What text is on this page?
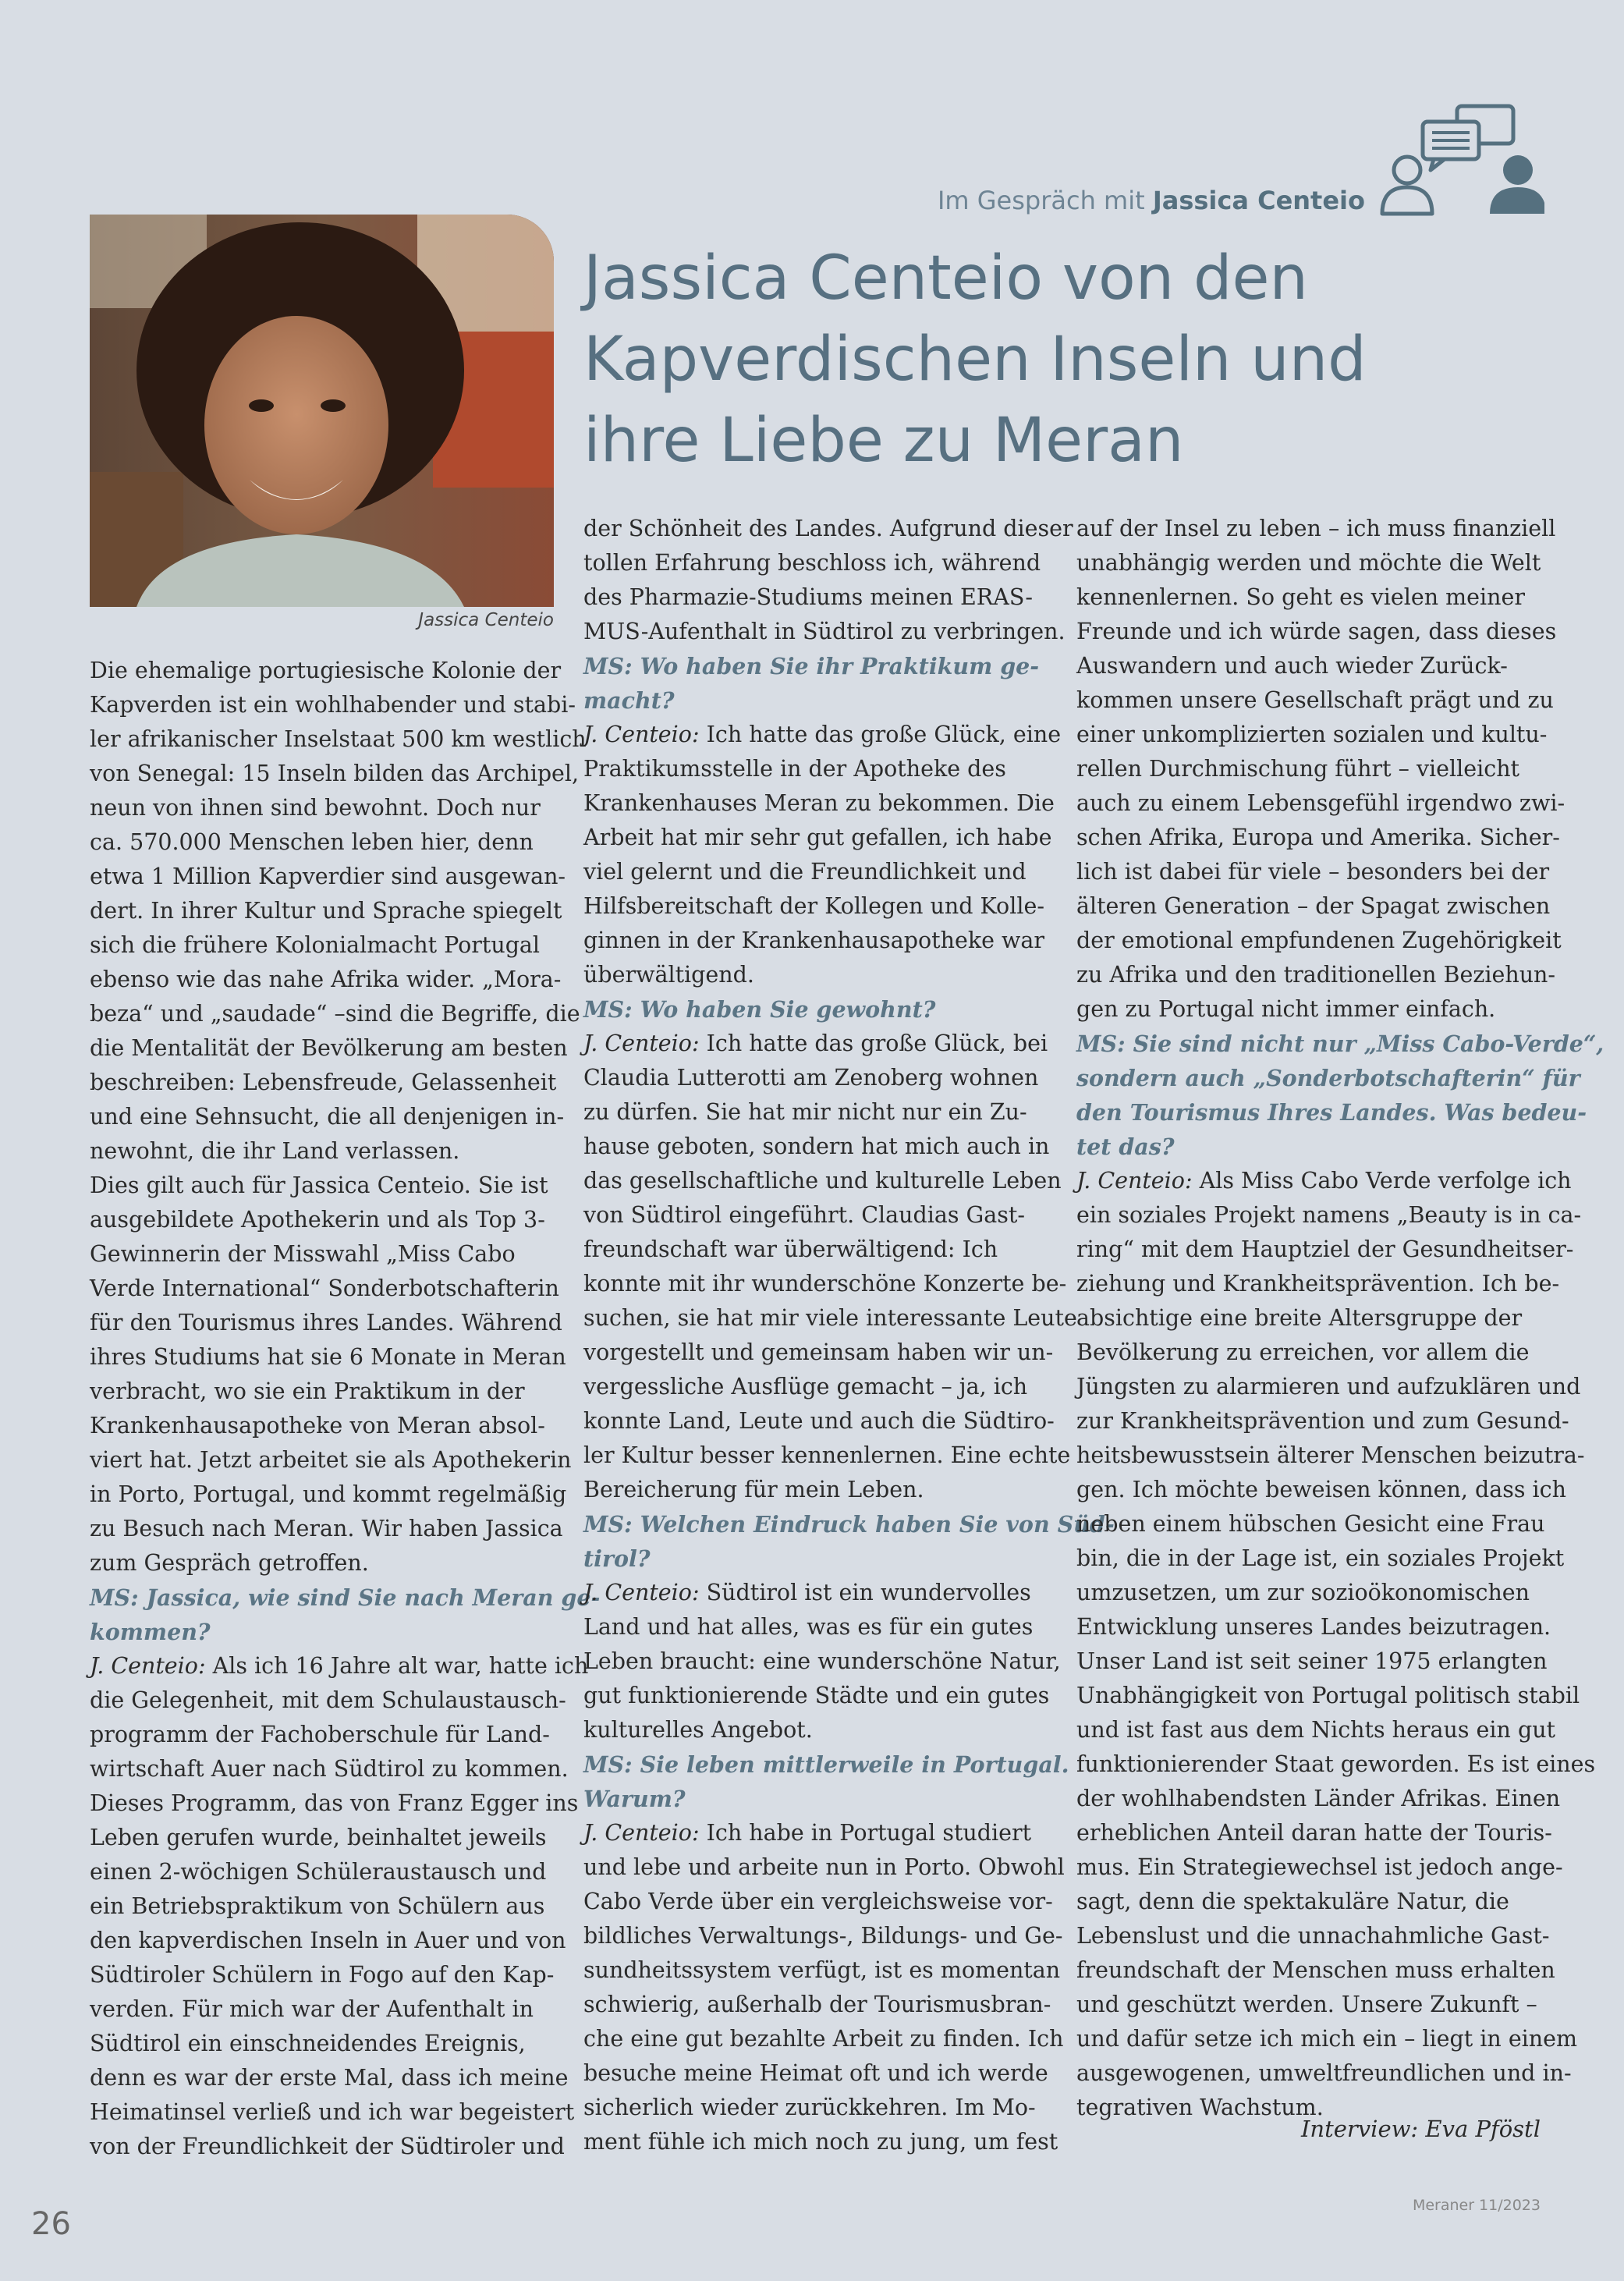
Im Gespräch mit Jassica Centeio
Jassica Centeio von den
Kapverdischen Inseln und
ihre Liebe zu Meran
Jassica Centeio
Die ehemalige portugiesische Kolonie der
Kapverden ist ein wohlhabender und stabi-
ler afrikanischer Inselstaat 500 km westlich
von Senegal: 15 Inseln bilden das Archipel,
neun von ihnen sind bewohnt. Doch nur
ca. 570.000 Menschen leben hier, denn
etwa 1 Million Kapverdier sind ausgewan-
dert. In ihrer Kultur und Sprache spiegelt
sich die frühere Kolonialmacht Portugal
ebenso wie das nahe Afrika wider. „Mora-
beza“ und „saudade“ –sind die Begriffe, die
die Mentalität der Bevölkerung am besten
beschreiben: Lebensfreude, Gelassenheit
und eine Sehnsucht, die all denjenigen in-
newohnt, die ihr Land verlassen.
Dies gilt auch für Jassica Centeio. Sie ist
ausgebildete Apothekerin und als Top 3-
Gewinnerin der Misswahl „Miss Cabo
Verde International“ Sonderbotschafterin
für den Tourismus ihres Landes. Während
ihres Studiums hat sie 6 Monate in Meran
verbracht, wo sie ein Praktikum in der
Krankenhausapotheke von Meran absol-
viert hat. Jetzt arbeitet sie als Apothekerin
in Porto, Portugal, und kommt regelmäßig
zu Besuch nach Meran. Wir haben Jassica
zum Gespräch getroffen.
MS: Jassica, wie sind Sie nach Meran ge-
kommen?
J. Centeio: Als ich 16 Jahre alt war, hatte ich
die Gelegenheit, mit dem Schulaustausch-
programm der Fachoberschule für Land-
wirtschaft Auer nach Südtirol zu kommen.
Dieses Programm, das von Franz Egger ins
Leben gerufen wurde, beinhaltet jeweils
einen 2-wöchigen Schüleraustausch und
ein Betriebspraktikum von Schülern aus
den kapverdischen Inseln in Auer und von
Südtiroler Schülern in Fogo auf den Kap-
verden. Für mich war der Aufenthalt in
Südtirol ein einschneidendes Ereignis,
denn es war der erste Mal, dass ich meine
Heimatinsel verließ und ich war begeistert
von der Freundlichkeit der Südtiroler und
der Schönheit des Landes. Aufgrund dieser
tollen Erfahrung beschloss ich, während
des Pharmazie-Studiums meinen ERAS-
MUS-Aufenthalt in Südtirol zu verbringen.
MS: Wo haben Sie ihr Praktikum ge-
macht?
J. Centeio: Ich hatte das große Glück, eine
Praktikumsstelle in der Apotheke des
Krankenhauses Meran zu bekommen. Die
Arbeit hat mir sehr gut gefallen, ich habe
viel gelernt und die Freundlichkeit und
Hilfsbereitschaft der Kollegen und Kolle-
ginnen in der Krankenhausapotheke war
überwältigend.
MS: Wo haben Sie gewohnt?
J. Centeio: Ich hatte das große Glück, bei
Claudia Lutterotti am Zenoberg wohnen
zu dürfen. Sie hat mir nicht nur ein Zu-
hause geboten, sondern hat mich auch in
das gesellschaftliche und kulturelle Leben
von Südtirol eingeführt. Claudias Gast-
freundschaft war überwältigend: Ich
konnte mit ihr wunderschöne Konzerte be-
suchen, sie hat mir viele interessante Leute
vorgestellt und gemeinsam haben wir un-
vergessliche Ausflüge gemacht – ja, ich
konnte Land, Leute und auch die Südtiro-
ler Kultur besser kennenlernen. Eine echte
Bereicherung für mein Leben.
MS: Welchen Eindruck haben Sie von Süd-
tirol?
J. Centeio: Südtirol ist ein wundervolles
Land und hat alles, was es für ein gutes
Leben braucht: eine wunderschöne Natur,
gut funktionierende Städte und ein gutes
kulturelles Angebot.
MS: Sie leben mittlerweile in Portugal.
Warum?
J. Centeio: Ich habe in Portugal studiert
und lebe und arbeite nun in Porto. Obwohl
Cabo Verde über ein vergleichsweise vor-
bildliches Verwaltungs-, Bildungs- und Ge-
sundheitssystem verfügt, ist es momentan
schwierig, außerhalb der Tourismusbran-
che eine gut bezahlte Arbeit zu finden. Ich
besuche meine Heimat oft und ich werde
sicherlich wieder zurückkehren. Im Mo-
ment fühle ich mich noch zu jung, um fest
auf der Insel zu leben – ich muss finanziell
unabhängig werden und möchte die Welt
kennenlernen. So geht es vielen meiner
Freunde und ich würde sagen, dass dieses
Auswandern und auch wieder Zurück-
kommen unsere Gesellschaft prägt und zu
einer unkomplizierten sozialen und kultu-
rellen Durchmischung führt – vielleicht
auch zu einem Lebensgefühl irgendwo zwi-
schen Afrika, Europa und Amerika. Sicher-
lich ist dabei für viele – besonders bei der
älteren Generation – der Spagat zwischen
der emotional empfundenen Zugehörigkeit
zu Afrika und den traditionellen Beziehun-
gen zu Portugal nicht immer einfach.
MS: Sie sind nicht nur „Miss Cabo-Verde“,
sondern auch „Sonderbotschafterin“ für
den Tourismus Ihres Landes. Was bedeu-
tet das?
J. Centeio: Als Miss Cabo Verde verfolge ich
ein soziales Projekt namens „Beauty is in ca-
ring“ mit dem Hauptziel der Gesundheitser-
ziehung und Krankheitsprävention. Ich be-
absichtige eine breite Altersgruppe der
Bevölkerung zu erreichen, vor allem die
Jüngsten zu alarmieren und aufzuklären und
zur Krankheitsprävention und zum Gesund-
heitsbewusstsein älterer Menschen beizutra-
gen. Ich möchte beweisen können, dass ich
neben einem hübschen Gesicht eine Frau
bin, die in der Lage ist, ein soziales Projekt
umzusetzen, um zur sozioökonomischen
Entwicklung unseres Landes beizutragen.
Unser Land ist seit seiner 1975 erlangten
Unabhängigkeit von Portugal politisch stabil
und ist fast aus dem Nichts heraus ein gut
funktionierender Staat geworden. Es ist eines
der wohlhabendsten Länder Afrikas. Einen
erheblichen Anteil daran hatte der Touris-
mus. Ein Strategiewechsel ist jedoch ange-
sagt, denn die spektakuläre Natur, die
Lebenslust und die unnachahmliche Gast-
freundschaft der Menschen muss erhalten
und geschützt werden. Unsere Zukunft –
und dafür setze ich mich ein – liegt in einem
ausgewogenen, umweltfreundlichen und in-
tegrativen Wachstum.
Interview: Eva Pföstl
26
Meraner 11/2023
